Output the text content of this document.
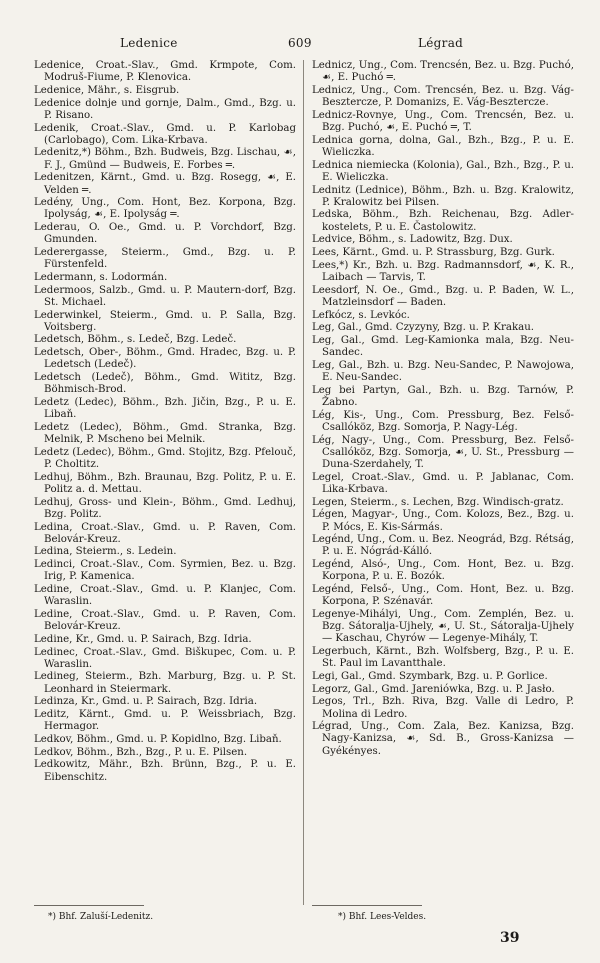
Ledenice	609	Légrad
Ledenice, Croat.-Slav., Gmd. Krmpote, Com. Modruš-Fiume, P. Klenovica.
Ledenice, Mähr., s. Eisgrub.
Ledenice dolnje und gornje, Dalm., Gmd., Bzg. u. P. Risano.
Ledenik, Croat.-Slav., Gmd. u. P. Karlobag (Carlobago), Com. Lika-Krbava.
Ledenitz,*) Böhm., Bzh. Budweis, Bzg. Lischau, ☙, F. J., Gmünd — Budweis, E. Forbes ═.
Ledenitzen, Kärnt., Gmd. u. Bzg. Rosegg, ☙, E. Velden ═.
Ledény, Ung., Com. Hont, Bez. Korpona, Bzg. Ipolyság, ☙, E. Ipolyság ═.
Lederau, O. Oe., Gmd. u. P. Vorchdorf, Bzg. Gmunden.
Lederergasse, Steierm., Gmd., Bzg. u. P. Fürstenfeld.
Ledermann, s. Lodormán.
Ledermoos, Salzb., Gmd. u. P. Mautern-dorf, Bzg. St. Michael.
Lederwinkel, Steierm., Gmd. u. P. Salla, Bzg. Voitsberg.
Ledetsch, Böhm., s. Ledeč, Bzg. Ledeč.
Ledetsch, Ober-, Böhm., Gmd. Hradec, Bzg. u. P. Ledetsch (Ledeč).
Ledetsch (Ledeč), Böhm., Gmd. Wititz, Bzg. Böhmisch-Brod.
Ledetz (Ledec), Böhm., Bzh. Jičin, Bzg., P. u. E. Libaň.
Ledetz (Ledec), Böhm., Gmd. Stranka, Bzg. Melnik, P. Mscheno bei Melnik.
Ledetz (Ledec), Böhm., Gmd. Stojitz, Bzg. Pfelouč, P. Choltitz.
Ledhuj, Böhm., Bzh. Braunau, Bzg. Politz, P. u. E. Politz a. d. Mettau.
Ledhuj, Gross- und Klein-, Böhm., Gmd. Ledhuj, Bzg. Politz.
Ledina, Croat.-Slav., Gmd. u. P. Raven, Com. Belovár-Kreuz.
Ledina, Steierm., s. Ledein.
Ledinci, Croat.-Slav., Com. Syrmien, Bez. u. Bzg. Irig, P. Kamenica.
Ledine, Croat.-Slav., Gmd. u. P. Klanjec, Com. Waraslin.
Ledine, Croat.-Slav., Gmd. u. P. Raven, Com. Belovár-Kreuz.
Ledine, Kr., Gmd. u. P. Sairach, Bzg. Idria.
Ledinec, Croat.-Slav., Gmd. Biškupec, Com. u. P. Waraslin.
Ledineg, Steierm., Bzh. Marburg, Bzg. u. P. St. Leonhard in Steiermark.
Ledinza, Kr., Gmd. u. P. Sairach, Bzg. Idria.
Leditz, Kärnt., Gmd. u. P. Weissbriach, Bzg. Hermagor.
Ledkov, Böhm., Gmd. u. P. Kopidlno, Bzg. Libaň.
Ledkov, Böhm., Bzh., Bzg., P. u. E. Pilsen.
Ledkowitz, Mähr., Bzh. Brünn, Bzg., P. u. E. Eibenschitz.
Lednicz, Ung., Com. Trencsén, Bez. u. Bzg. Puchó, ☙, E. Puchó ═.
Lednicz, Ung., Com. Trencsén, Bez. u. Bzg. Vág-Besztercze, P. Domanizs, E. Vág-Besztercze.
Lednicz-Rovnye, Ung., Com. Trencsén, Bez. u. Bzg. Puchó, ☙, E. Puchó ═, T.
Lednica gorna, dolna, Gal., Bzh., Bzg., P. u. E. Wieliczka.
Lednica niemiecka (Kolonia), Gal., Bzh., Bzg., P. u. E. Wieliczka.
Lednitz (Lednice), Böhm., Bzh. u. Bzg. Kralowitz, P. Kralowitz bei Pilsen.
Ledska, Böhm., Bzh. Reichenau, Bzg. Adler-kostelets, P. u. E. Častolowitz.
Ledvice, Böhm., s. Ladowitz, Bzg. Dux.
Lees, Kärnt., Gmd. u. P. Strassburg, Bzg. Gurk.
Lees,*) Kr., Bzh. u. Bzg. Radmannsdorf, ☙, K. R., Laibach — Tarvis, T.
Leesdorf, N. Oe., Gmd., Bzg. u. P. Baden, W. L., Matzleinsdorf — Baden.
Lefkócz, s. Levkóc.
Leg, Gal., Gmd. Czyzyny, Bzg. u. P. Krakau.
Leg, Gal., Gmd. Leg-Kamionka mala, Bzg. Neu-Sandec.
Leg, Gal., Bzh. u. Bzg. Neu-Sandec, P. Nawojowa, E. Neu-Sandec.
Leg bei Partyn, Gal., Bzh. u. Bzg. Tarnów, P. Žabno.
Lég, Kis-, Ung., Com. Pressburg, Bez. Felső-Csallóköz, Bzg. Somorja, P. Nagy-Lég.
Lég, Nagy-, Ung., Com. Pressburg, Bez. Felső-Csallóköz, Bzg. Somorja, ☙, U. St., Pressburg — Duna-Szerdahely, T.
Legel, Croat.-Slav., Gmd. u. P. Jablanac, Com. Lika-Krbava.
Legen, Steierm., s. Lechen, Bzg. Windisch-gratz.
Légen, Magyar-, Ung., Com. Kolozs, Bez., Bzg. u. P. Mócs, E. Kis-Sármás.
Legénd, Ung., Com. u. Bez. Neográd, Bzg. Rétság, P. u. E. Nógrád-Kálló.
Legénd, Alsó-, Ung., Com. Hont, Bez. u. Bzg. Korpona, P. u. E. Bozók.
Legénd, Felső-, Ung., Com. Hont, Bez. u. Bzg. Korpona, P. Szénavár.
Legenye-Mihályi, Ung., Com. Zemplén, Bez. u. Bzg. Sátoralja-Ujhely, ☙, U. St., Sátoralja-Ujhely — Kaschau, Chyrów — Legenye-Mihály, T.
Legerbuch, Kärnt., Bzh. Wolfsberg, Bzg., P. u. E. St. Paul im Lavantthale.
Legi, Gal., Gmd. Szymbark, Bzg. u. P. Gorlice.
Legorz, Gal., Gmd. Jareniówka, Bzg. u. P. Jasło.
Legos, Trl., Bzh. Riva, Bzg. Valle di Ledro, P. Molina di Ledro.
Légrad, Ung., Com. Zala, Bez. Kanizsa, Bzg. Nagy-Kanizsa, ☙, Sd. B., Gross-Kanizsa — Gyékényes.
*) Bhf. Zaluší-Ledenitz.	*) Bhf. Lees-Veldes.
39
